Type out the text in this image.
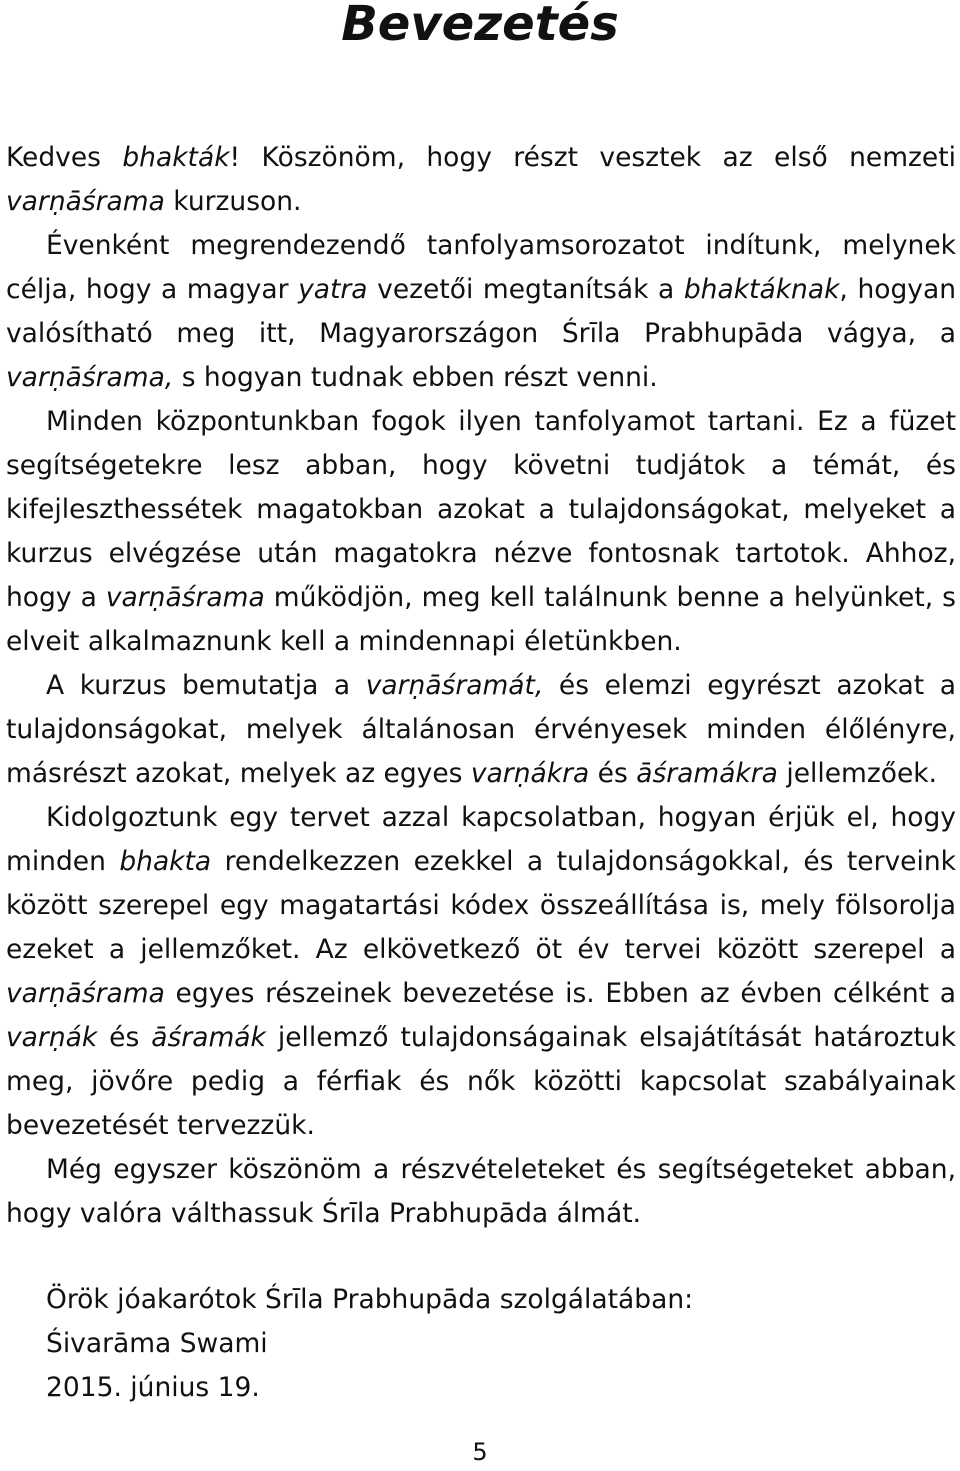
Bevezetés

Kedves bhakták! Köszönöm, hogy részt vesztek az első nemzeti varṇāśrama kurzuson.

Évenként megrendezendő tanfolyamsorozatot indítunk, melynek célja, hogy a magyar yatra vezetői megtanítsák a bhaktáknak, hogyan valósítható meg itt, Magyarországon Śrīla Prabhupāda vágya, a varṇāśrama, s hogyan tudnak ebben részt venni.

Minden központunkban fogok ilyen tanfolyamot tartani. Ez a füzet segítségetekre lesz abban, hogy követni tudjátok a témát, és kifejleszthessétek magatokban azokat a tulajdonságokat, melyeket a kurzus elvégzése után magatokra nézve fontosnak tartotok. Ahhoz, hogy a varṇāśrama működjön, meg kell találnunk benne a helyünket, s elveit alkalmaznunk kell a mindennapi életünkben.

A kurzus bemutatja a varṇāśramát, és elemzi egyrészt azokat a tulajdonságokat, melyek általánosan érvényesek minden élőlényre, másrészt azokat, melyek az egyes varṇákra és āśramákra jellemzőek.

Kidolgoztunk egy tervet azzal kapcsolatban, hogyan érjük el, hogy minden bhakta rendelkezzen ezekkel a tulajdonságokkal, és terveink között szerepel egy magatartási kódex összeállítása is, mely fölsorolja ezeket a jellemzőket. Az elkövetkező öt év tervei között szerepel a varṇāśrama egyes részeinek bevezetése is. Ebben az évben célként a varṇák és āśramák jellemző tulajdonságainak elsajátítását határoztuk meg, jövőre pedig a férfiak és nők közötti kapcsolat szabályainak bevezetését tervezzük.

Még egyszer köszönöm a részvételeteket és segítségeteket abban, hogy valóra válthassuk Śrīla Prabhupāda álmát.

Örök jóakarótok Śrīla Prabhupāda szolgálatában:
Śivarāma Swami
2015. június 19.
5
